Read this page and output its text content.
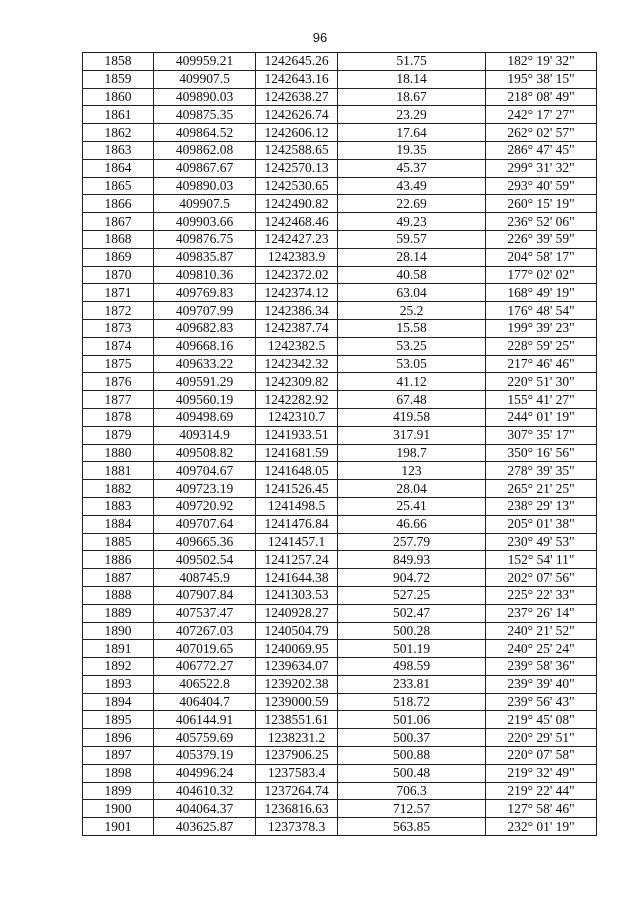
96
1858	409959.21	1242645.26	51.75	182° 19' 32"
1859	409907.5	1242643.16	18.14	195° 38' 15"
1860	409890.03	1242638.27	18.67	218° 08' 49"
1861	409875.35	1242626.74	23.29	242° 17' 27"
1862	409864.52	1242606.12	17.64	262° 02' 57"
1863	409862.08	1242588.65	19.35	286° 47' 45"
1864	409867.67	1242570.13	45.37	299° 31' 32"
1865	409890.03	1242530.65	43.49	293° 40' 59"
1866	409907.5	1242490.82	22.69	260° 15' 19"
1867	409903.66	1242468.46	49.23	236° 52' 06"
1868	409876.75	1242427.23	59.57	226° 39' 59"
1869	409835.87	1242383.9	28.14	204° 58' 17"
1870	409810.36	1242372.02	40.58	177° 02' 02"
1871	409769.83	1242374.12	63.04	168° 49' 19"
1872	409707.99	1242386.34	25.2	176° 48' 54"
1873	409682.83	1242387.74	15.58	199° 39' 23"
1874	409668.16	1242382.5	53.25	228° 59' 25"
1875	409633.22	1242342.32	53.05	217° 46' 46"
1876	409591.29	1242309.82	41.12	220° 51' 30"
1877	409560.19	1242282.92	67.48	155° 41' 27"
1878	409498.69	1242310.7	419.58	244° 01' 19"
1879	409314.9	1241933.51	317.91	307° 35' 17"
1880	409508.82	1241681.59	198.7	350° 16' 56"
1881	409704.67	1241648.05	123	278° 39' 35"
1882	409723.19	1241526.45	28.04	265° 21' 25"
1883	409720.92	1241498.5	25.41	238° 29' 13"
1884	409707.64	1241476.84	46.66	205° 01' 38"
1885	409665.36	1241457.1	257.79	230° 49' 53"
1886	409502.54	1241257.24	849.93	152° 54' 11"
1887	408745.9	1241644.38	904.72	202° 07' 56"
1888	407907.84	1241303.53	527.25	225° 22' 33"
1889	407537.47	1240928.27	502.47	237° 26' 14"
1890	407267.03	1240504.79	500.28	240° 21' 52"
1891	407019.65	1240069.95	501.19	240° 25' 24"
1892	406772.27	1239634.07	498.59	239° 58' 36"
1893	406522.8	1239202.38	233.81	239° 39' 40"
1894	406404.7	1239000.59	518.72	239° 56' 43"
1895	406144.91	1238551.61	501.06	219° 45' 08"
1896	405759.69	1238231.2	500.37	220° 29' 51"
1897	405379.19	1237906.25	500.88	220° 07' 58"
1898	404996.24	1237583.4	500.48	219° 32' 49"
1899	404610.32	1237264.74	706.3	219° 22' 44"
1900	404064.37	1236816.63	712.57	127° 58' 46"
1901	403625.87	1237378.3	563.85	232° 01' 19"
